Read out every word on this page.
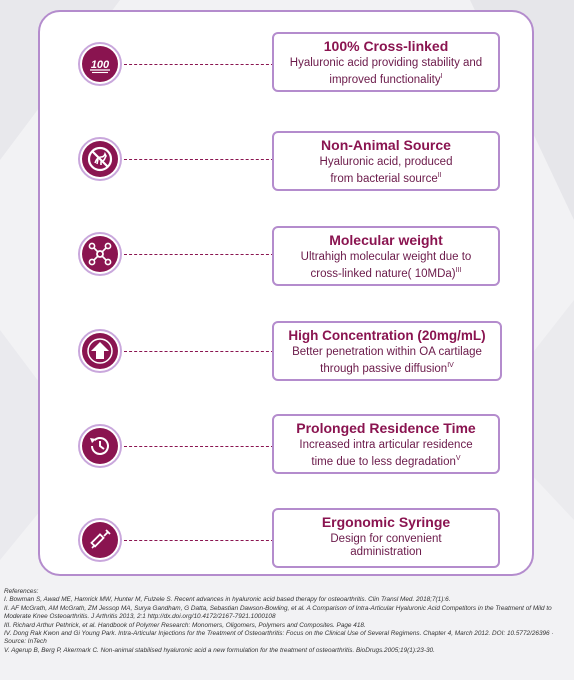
100
100% Cross-linked
Hyaluronic acid providing stability and improved functionality$^I$
Non-Animal Source
Hyaluronic acid, produced from bacterial source$^{II}$
Molecular weight
Ultrahigh molecular weight due to cross-linked nature( 10MDa)$^{III}$
High Concentration (20mg/mL)
Better penetration within OA cartilage through passive diffusion$^{IV}$
Prolonged Residence Time
Increased intra articular residence time due to less degradation$^V$
Ergonomic Syringe
Design for convenient administration

References:

I. Bowman S, Awad ME, Hamrick MW, Hunter M, Fulzele S. Recent advances in hyaluronic acid based therapy for osteoarthritis. Clin Transl Med. 2018;7(1):6.

II. AF McGrath, AM McGrath, ZM Jessop MA, Surya Gandham, G Datta, Sebastian Dawson-Bowling, et al. A Comparison of Intra-Articular Hyaluronic Acid Competitors in the Treatment of Mild to Moderate Knee Osteoarthritis. J Arthritis 2013, 2:1 http://dx.doi.org/10.4172/2167-7921.1000108

III. Richard Arthur Pethrick, et al. Handbook of Polymer Research: Monomers, Oligomers, Polymers and Composites. Page 418.

IV. Dong Rak Kwon and Gi Young Park. Intra-Articular Injections for the Treatment of Osteoarthritis: Focus on the Clinical Use of Several Regimens. Chapter 4, March 2012. DOI: 10.5772/26396 · Source: InTech

V. Agerup B, Berg P, Akermark C. Non-animal stabilised hyaluronic acid a new formulation for the treatment of osteoarthritis. BioDrugs.2005;19(1):23-30.
